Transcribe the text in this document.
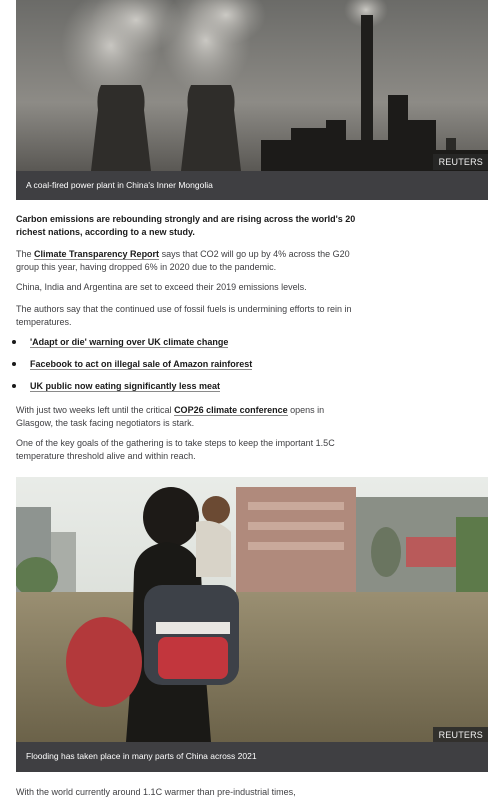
REUTERS
A coal-fired power plant in China's Inner Mongolia

Carbon emissions are rebounding strongly and are rising across the world's 20 richest nations, according to a new study.

The Climate Transparency Report says that CO2 will go up by 4% across the G20 group this year, having dropped 6% in 2020 due to the pandemic.

China, India and Argentina are set to exceed their 2019 emissions levels.

The authors say that the continued use of fossil fuels is undermining efforts to rein in temperatures.

'Adapt or die' warning over UK climate change
Facebook to act on illegal sale of Amazon rainforest
UK public now eating significantly less meat

With just two weeks left until the critical COP26 climate conference opens in Glasgow, the task facing negotiators is stark.

One of the key goals of the gathering is to take steps to keep the important 1.5C temperature threshold alive and within reach.

REUTERS
Flooding has taken place in many parts of China across 2021

With the world currently around 1.1C warmer than pre-industrial times,
